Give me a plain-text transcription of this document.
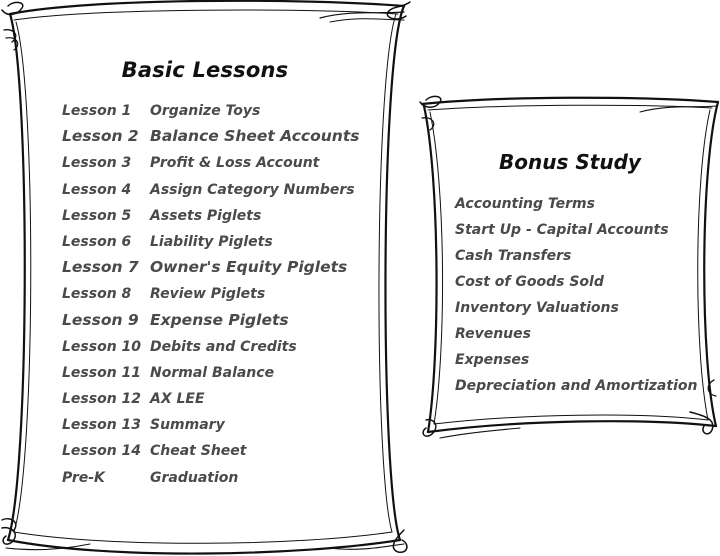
Basic Lessons
Lesson 1	Organize Toys
Lesson 2 Balance Sheet Accounts
Lesson 3	Profit & Loss Account
Lesson 4	Assign Category Numbers
Lesson 5	Assets Piglets
Lesson 6	Liability Piglets
Lesson 7 Owner's Equity Piglets
Lesson 8	Review Piglets
Lesson 9 Expense Piglets
Lesson 10 Debits and Credits
Lesson 11 Normal Balance
Lesson 12 AX LEE
Lesson 13 Summary
Lesson 14 Cheat Sheet
Pre-K	Graduation
Bonus Study
Accounting Terms
Start Up - Capital Accounts
Cash Transfers
Cost of Goods Sold
Inventory Valuations
Revenues
Expenses
Depreciation and Amortization
